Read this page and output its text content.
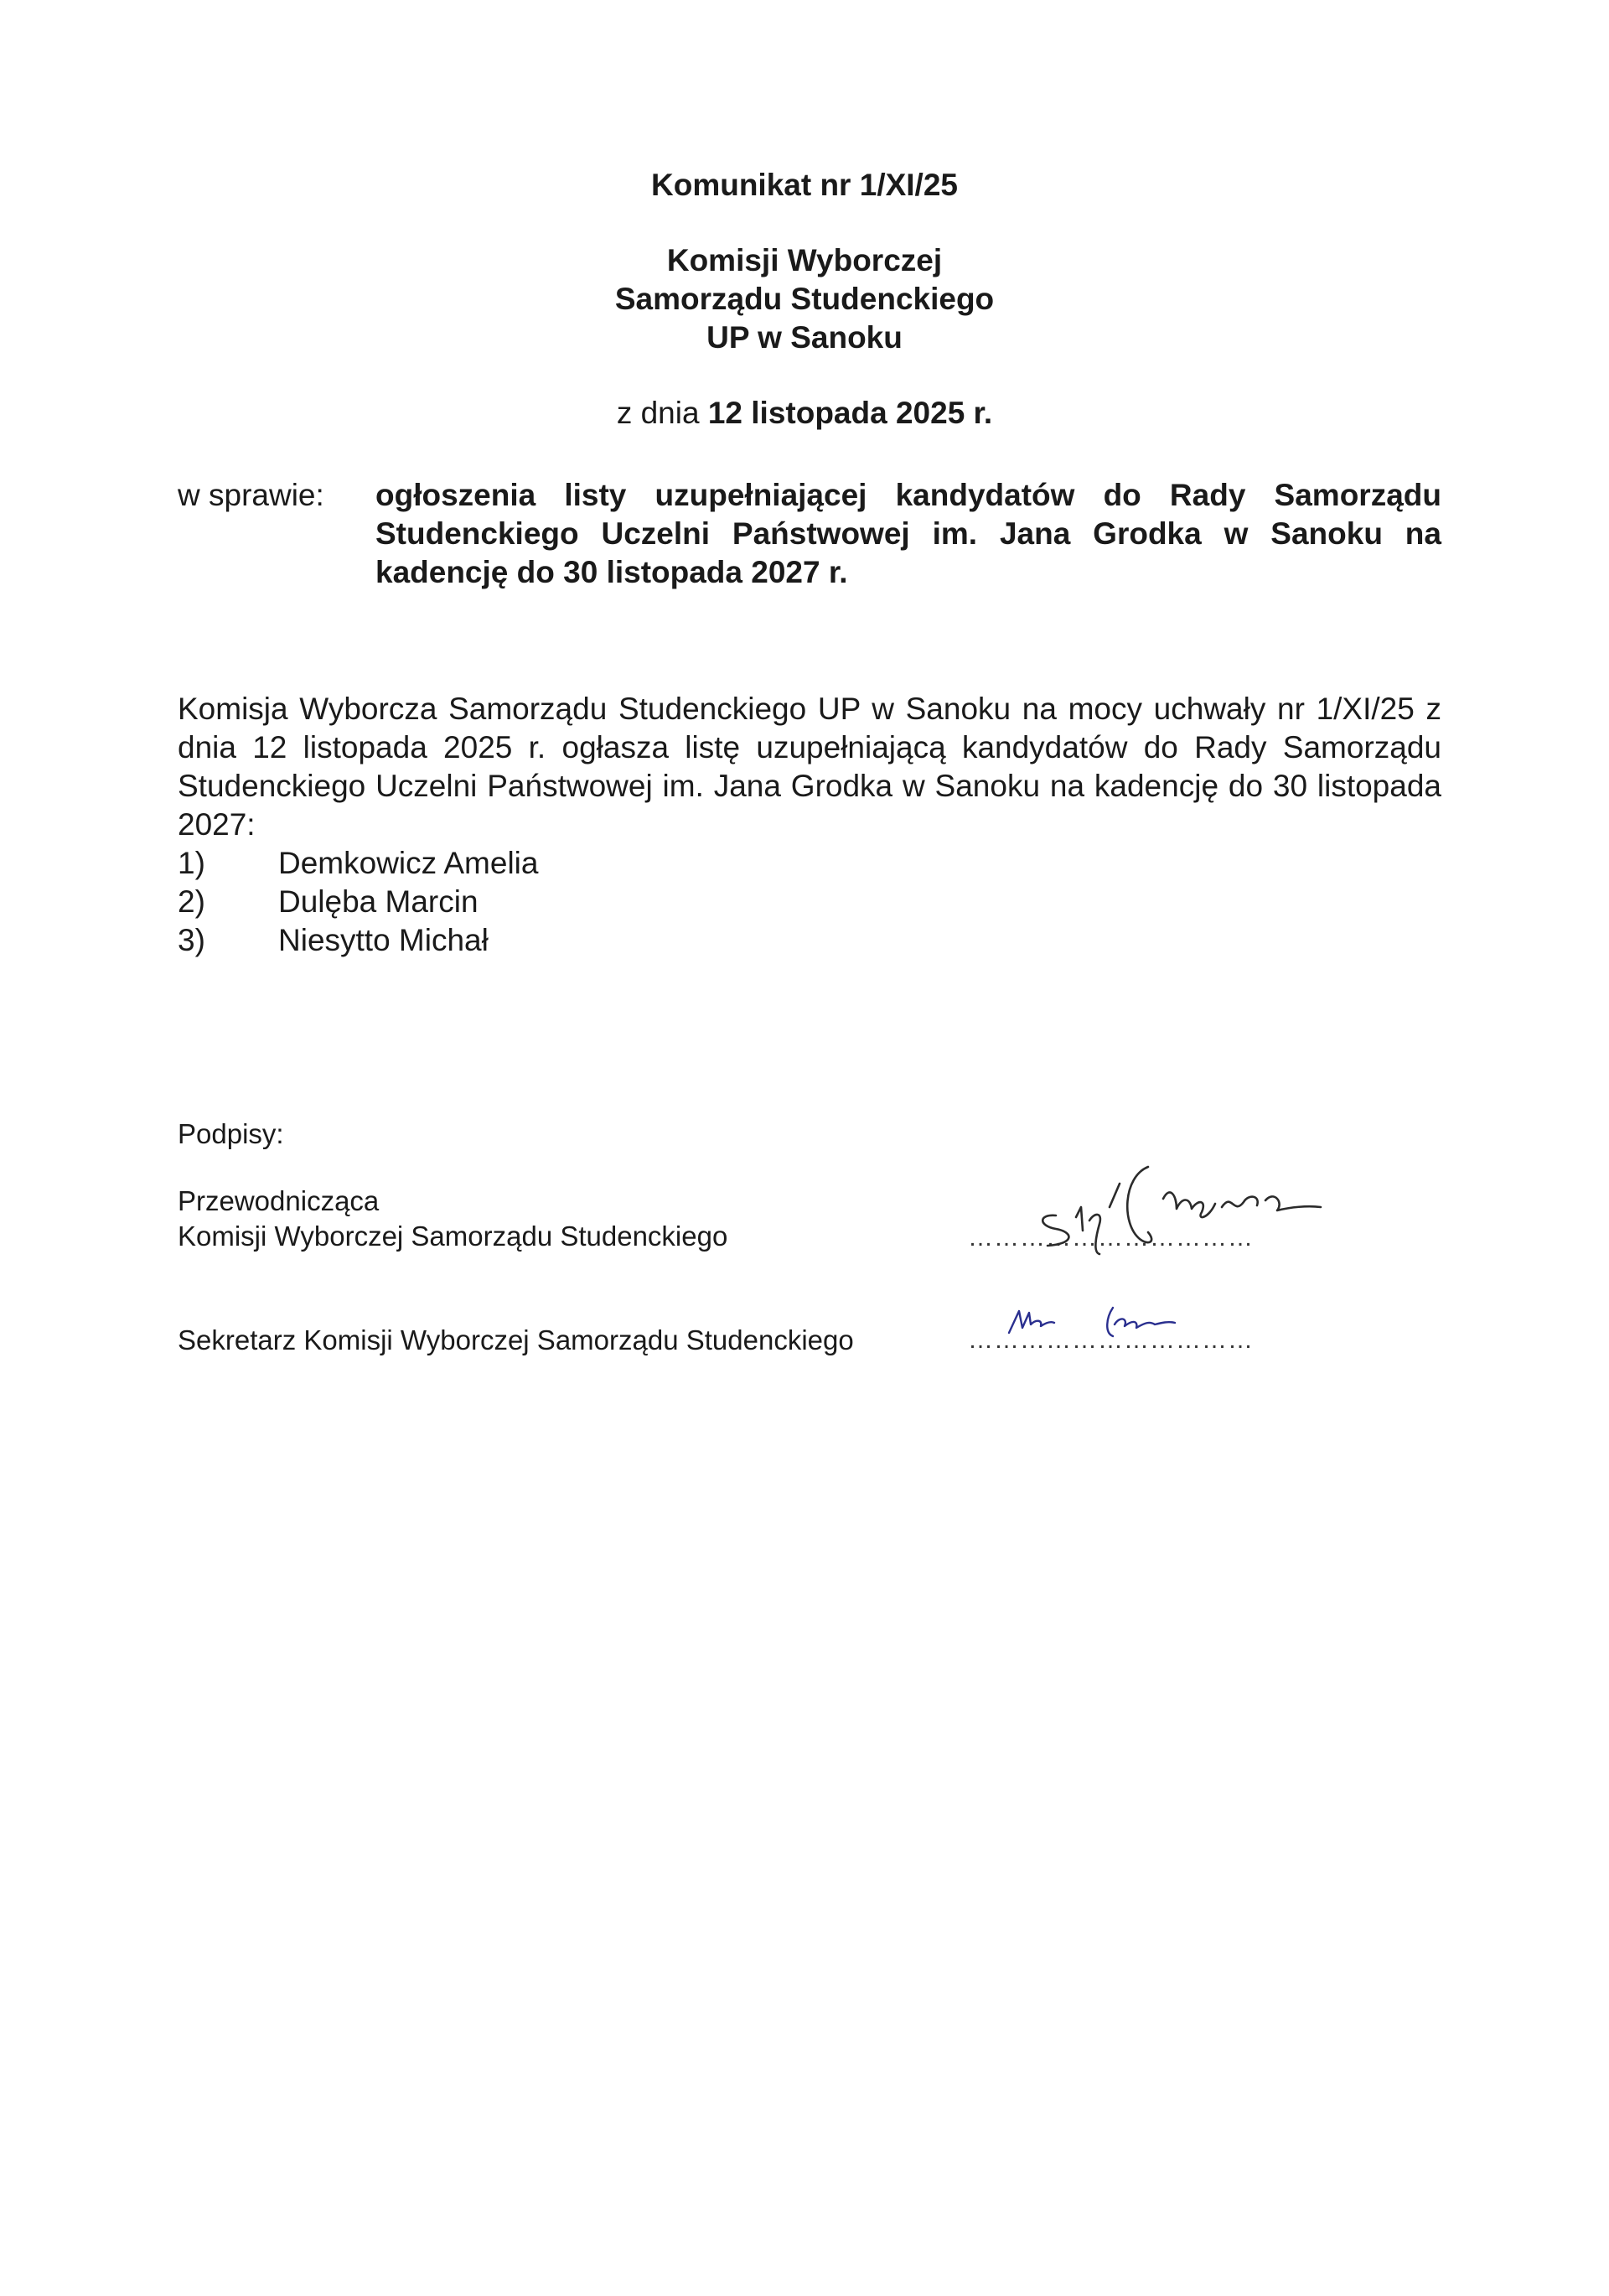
Komunikat nr 1/XI/25

Komisji Wyborczej

Samorządu Studenckiego

UP w Sanoku

z dnia 12 listopada 2025 r.

w sprawie:	ogłoszenia listy uzupełniającej kandydatów do Rady Samorządu Studenckiego Uczelni Państwowej im. Jana Grodka w Sanoku na kadencję do 30 listopada 2027 r.
Komisja Wyborcza Samorządu Studenckiego UP w Sanoku na mocy uchwały nr 1/XI/25 z dnia 12 listopada 2025 r. ogłasza listę uzupełniającą kandydatów do Rady Samorządu Studenckiego Uczelni Państwowej im. Jana Grodka w Sanoku na kadencję do 30 listopada 2027:
1)	Demkowicz Amelia
2)	Dulęba Marcin
3)	Niesytto Michał
Podpisy:
Przewodnicząca
Komisji Wyborczej Samorządu Studenckiego	……………………………
Sekretarz Komisji Wyborczej Samorządu Studenckiego	……………………………
